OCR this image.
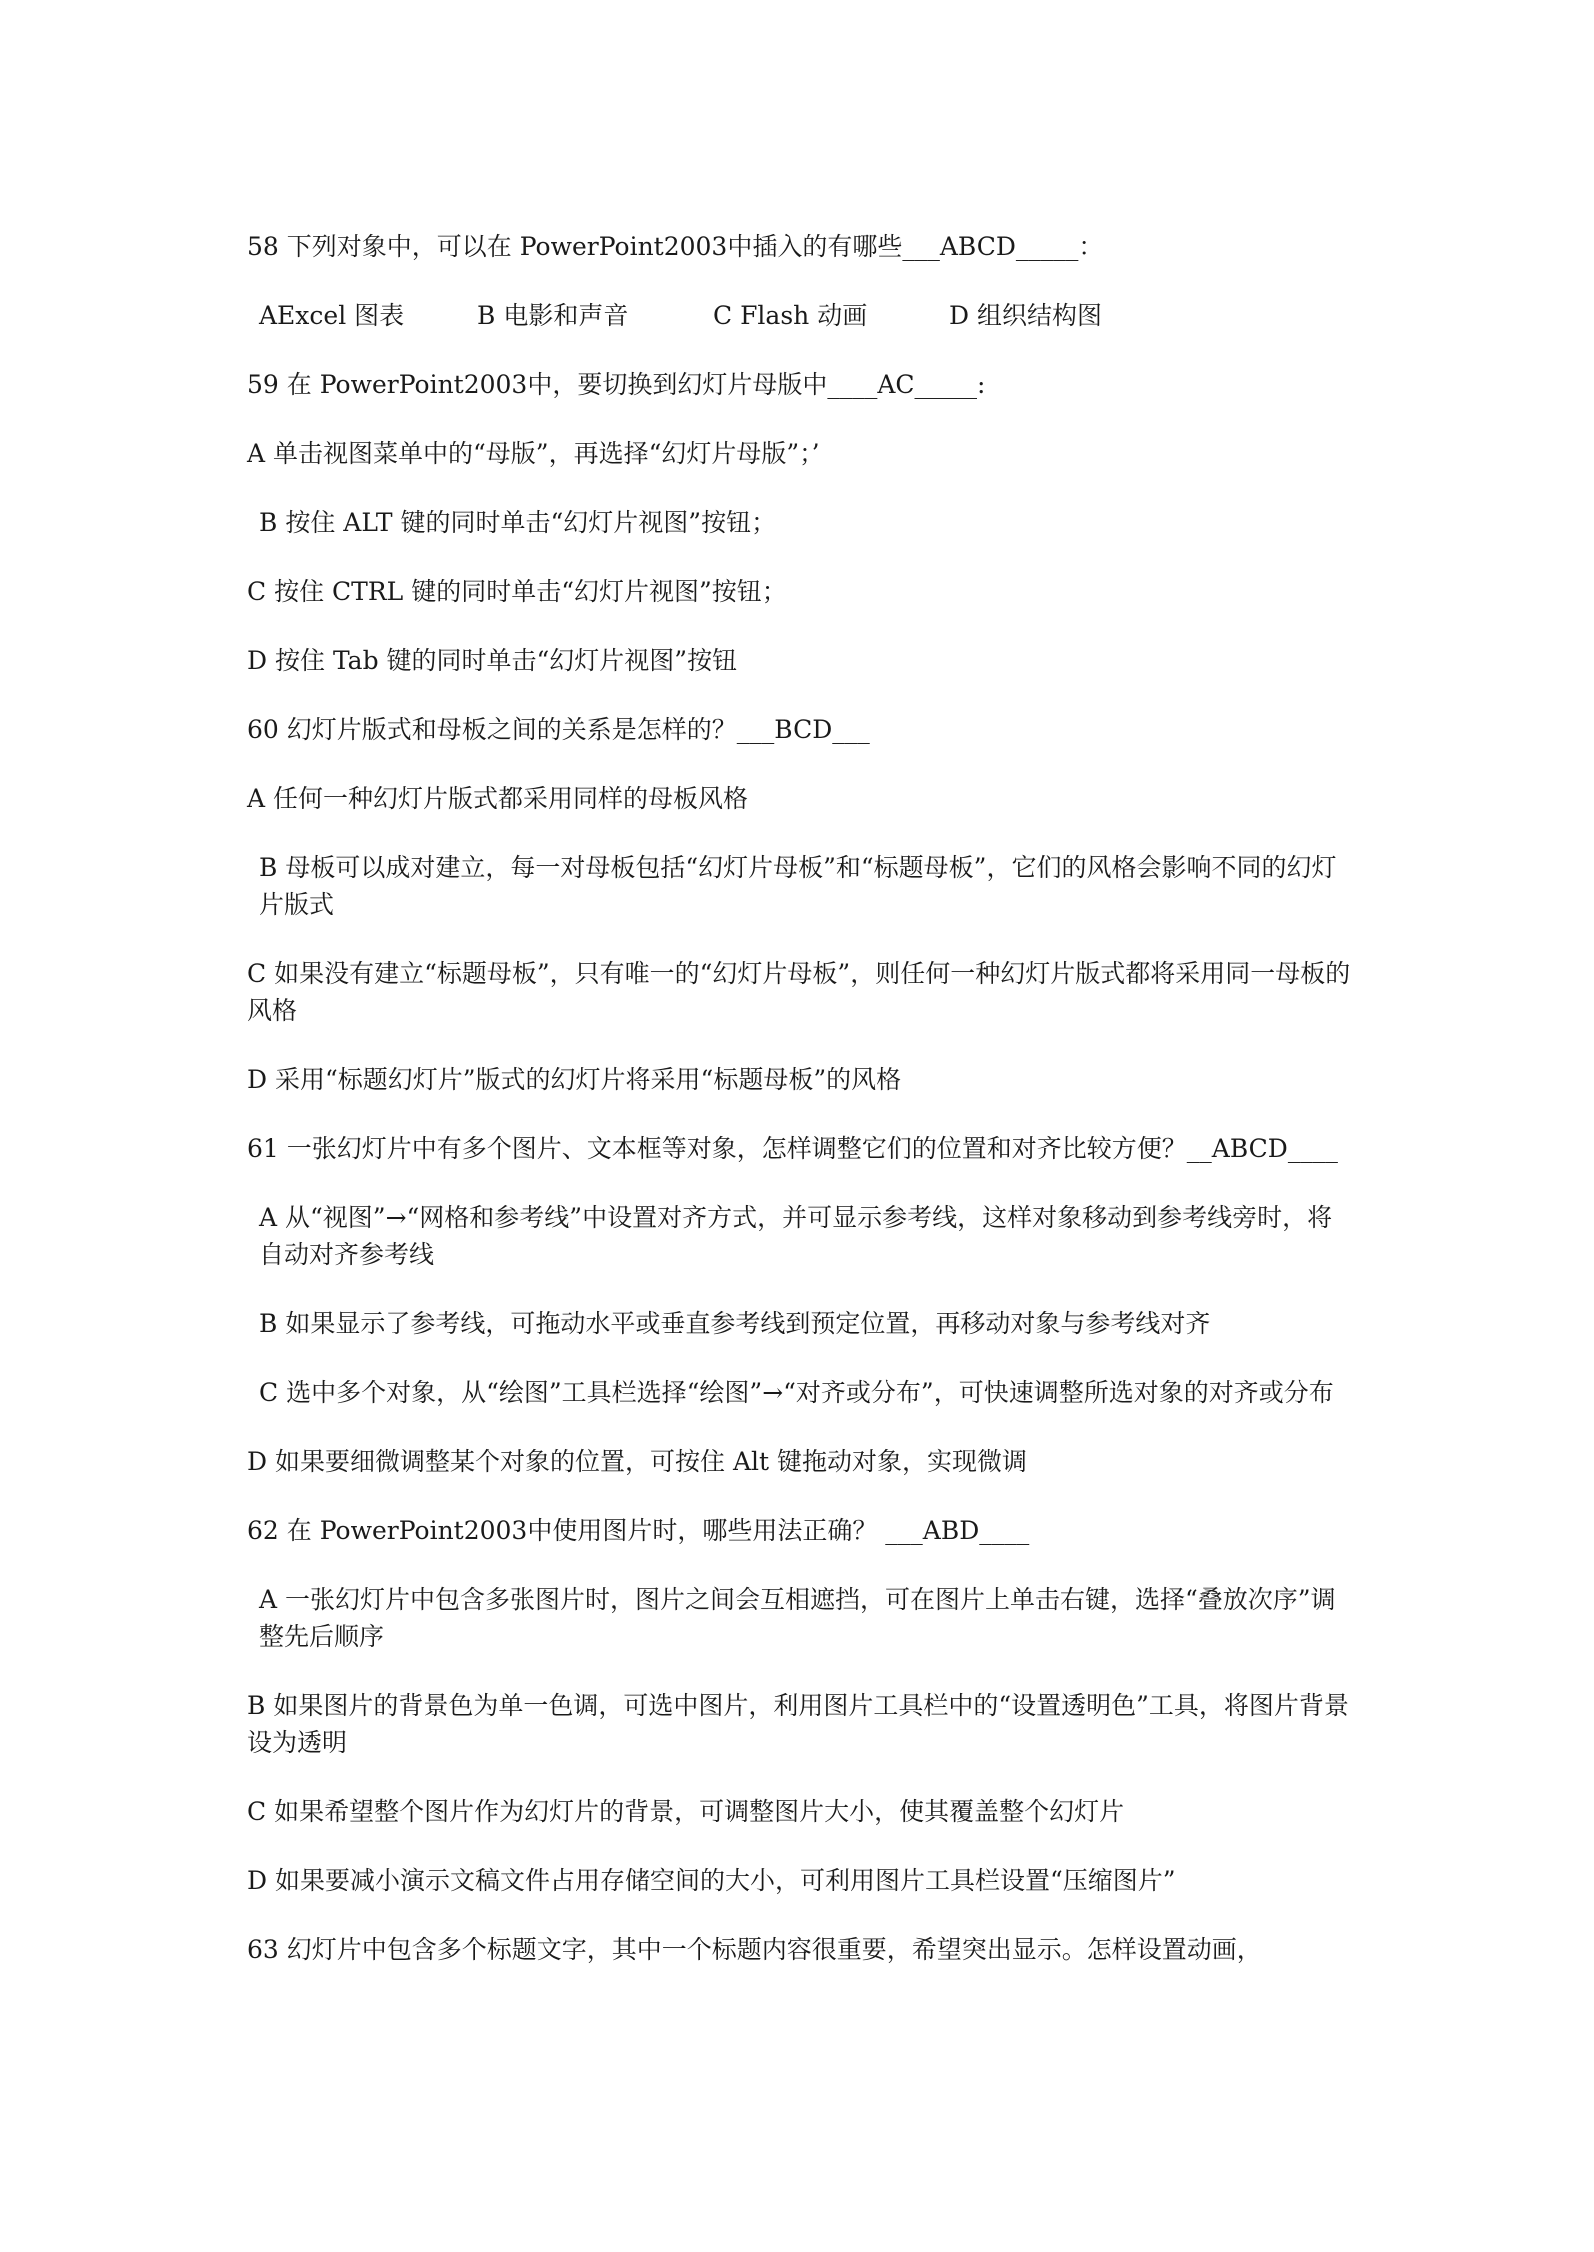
58 下列对象中，可以在 PowerPoint2003中插入的有哪些___ABCD_____：

AExcel 图表	B 电影和声音	C Flash 动画	D 组织结构图

59 在 PowerPoint2003中，要切换到幻灯片母版中____AC_____:

A 单击视图菜单中的“母版”，再选择“幻灯片母版”；’

B 按住 ALT 键的同时单击“幻灯片视图”按钮；

C 按住 CTRL 键的同时单击“幻灯片视图”按钮；

D 按住 Tab 键的同时单击“幻灯片视图”按钮

60 幻灯片版式和母板之间的关系是怎样的？___BCD___

A 任何一种幻灯片版式都采用同样的母板风格

B 母板可以成对建立，每一对母板包括“幻灯片母板”和“标题母板”，它们的风格会影响不同的幻灯片版式

C 如果没有建立“标题母板”，只有唯一的“幻灯片母板”，则任何一种幻灯片版式都将采用同一母板的风格

D 采用“标题幻灯片”版式的幻灯片将采用“标题母板”的风格

61 一张幻灯片中有多个图片、文本框等对象，怎样调整它们的位置和对齐比较方便？__ABCD____

A 从“视图”→“网格和参考线”中设置对齐方式，并可显示参考线，这样对象移动到参考线旁时，将自动对齐参考线

B 如果显示了参考线，可拖动水平或垂直参考线到预定位置，再移动对象与参考线对齐

C 选中多个对象，从“绘图”工具栏选择“绘图”→“对齐或分布”，可快速调整所选对象的对齐或分布

D 如果要细微调整某个对象的位置，可按住 Alt 键拖动对象，实现微调

62 在 PowerPoint2003中使用图片时，哪些用法正确？ ___ABD____

A 一张幻灯片中包含多张图片时，图片之间会互相遮挡，可在图片上单击右键，选择“叠放次序”调整先后顺序

B 如果图片的背景色为单一色调，可选中图片，利用图片工具栏中的“设置透明色”工具，将图片背景设为透明

C 如果希望整个图片作为幻灯片的背景，可调整图片大小，使其覆盖整个幻灯片

D 如果要减小演示文稿文件占用存储空间的大小，可利用图片工具栏设置“压缩图片”

63 幻灯片中包含多个标题文字，其中一个标题内容很重要，希望突出显示。怎样设置动画，
